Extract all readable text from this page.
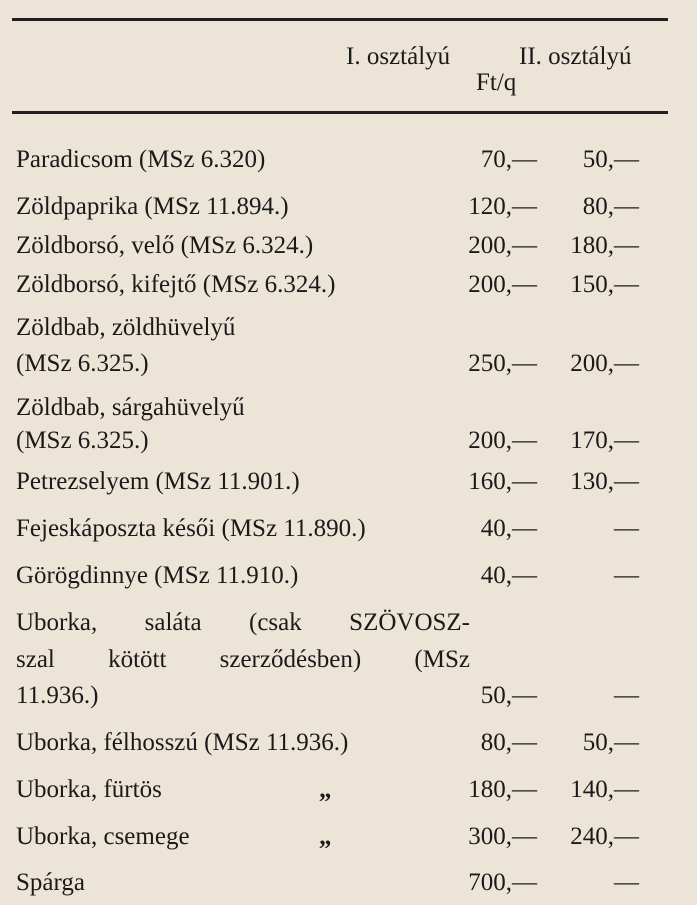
I. osztályú	II. osztályú
Ft/q
Paradicsom (MSz 6.320)	70,— 50,—
Zöldpaprika (MSz 11.894.)	120,— 80,—
Zöldborsó, velő (MSz 6.324.)	200,— 180,—
Zöldborsó, kifejtő (MSz 6.324.)	200,— 150,—
Zöldbab, zöldhüvelyű
(MSz 6.325.)	250,— 200,—
Zöldbab, sárgahüvelyű
(MSz 6.325.)	200,— 170,—
Petrezselyem (MSz 11.901.)	160,— 130,—
Fejeskáposzta késői (MSz 11.890.)	40,—	—
Görögdinnye (MSz 11.910.)	40,—	—
Uborka, saláta (csak SZÖVOSZ-
szal kötött szerződésben) (MSz
11.936.)	50,—	—
Uborka, félhosszú (MSz 11.936.)	80,— 50,—
Uborka, fürtös	„	180,— 140,—
Uborka, csemege	„	300,— 240,—
Spárga	700,—	—
